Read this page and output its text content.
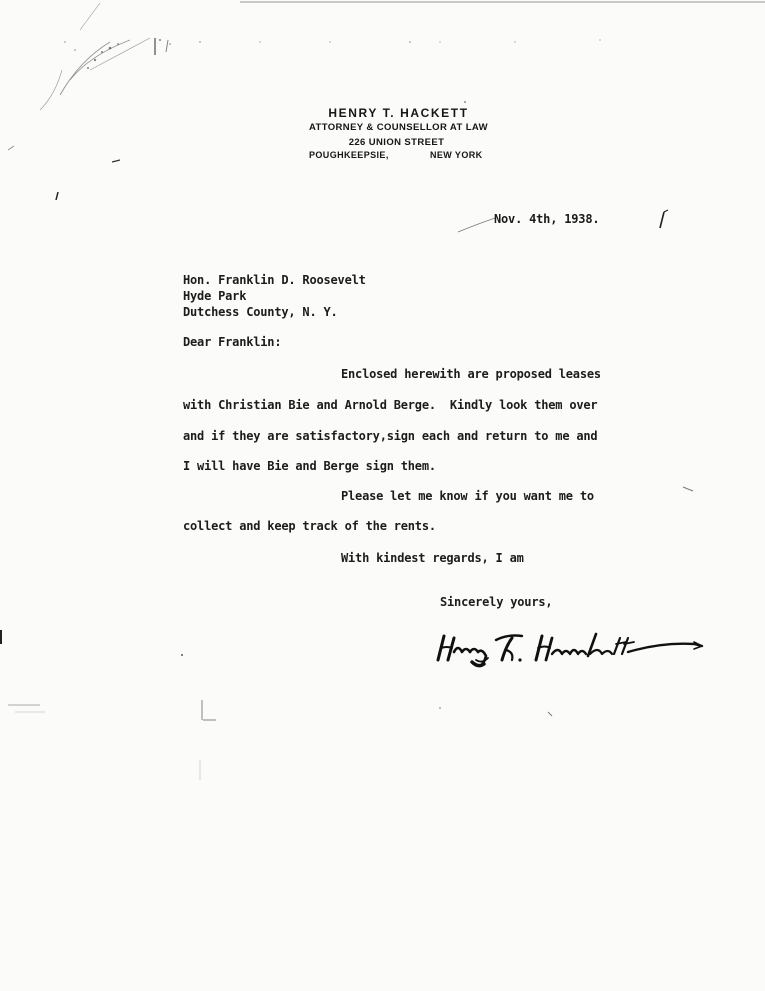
HENRY T. HACKETT
ATTORNEY & COUNSELLOR AT LAW
226 UNION STREET
POUGHKEEPSIE,	NEW YORK
Nov. 4th, 1938.
Hon. Franklin D. Roosevelt
Hyde Park
Dutchess County, N. Y.
Dear Franklin:
Enclosed herewith are proposed leases
with Christian Bie and Arnold Berge.  Kindly look them over
and if they are satisfactory,sign each and return to me and
I will have Bie and Berge sign them.
Please let me know if you want me to
collect and keep track of the rents.
With kindest regards, I am
Sincerely yours,
